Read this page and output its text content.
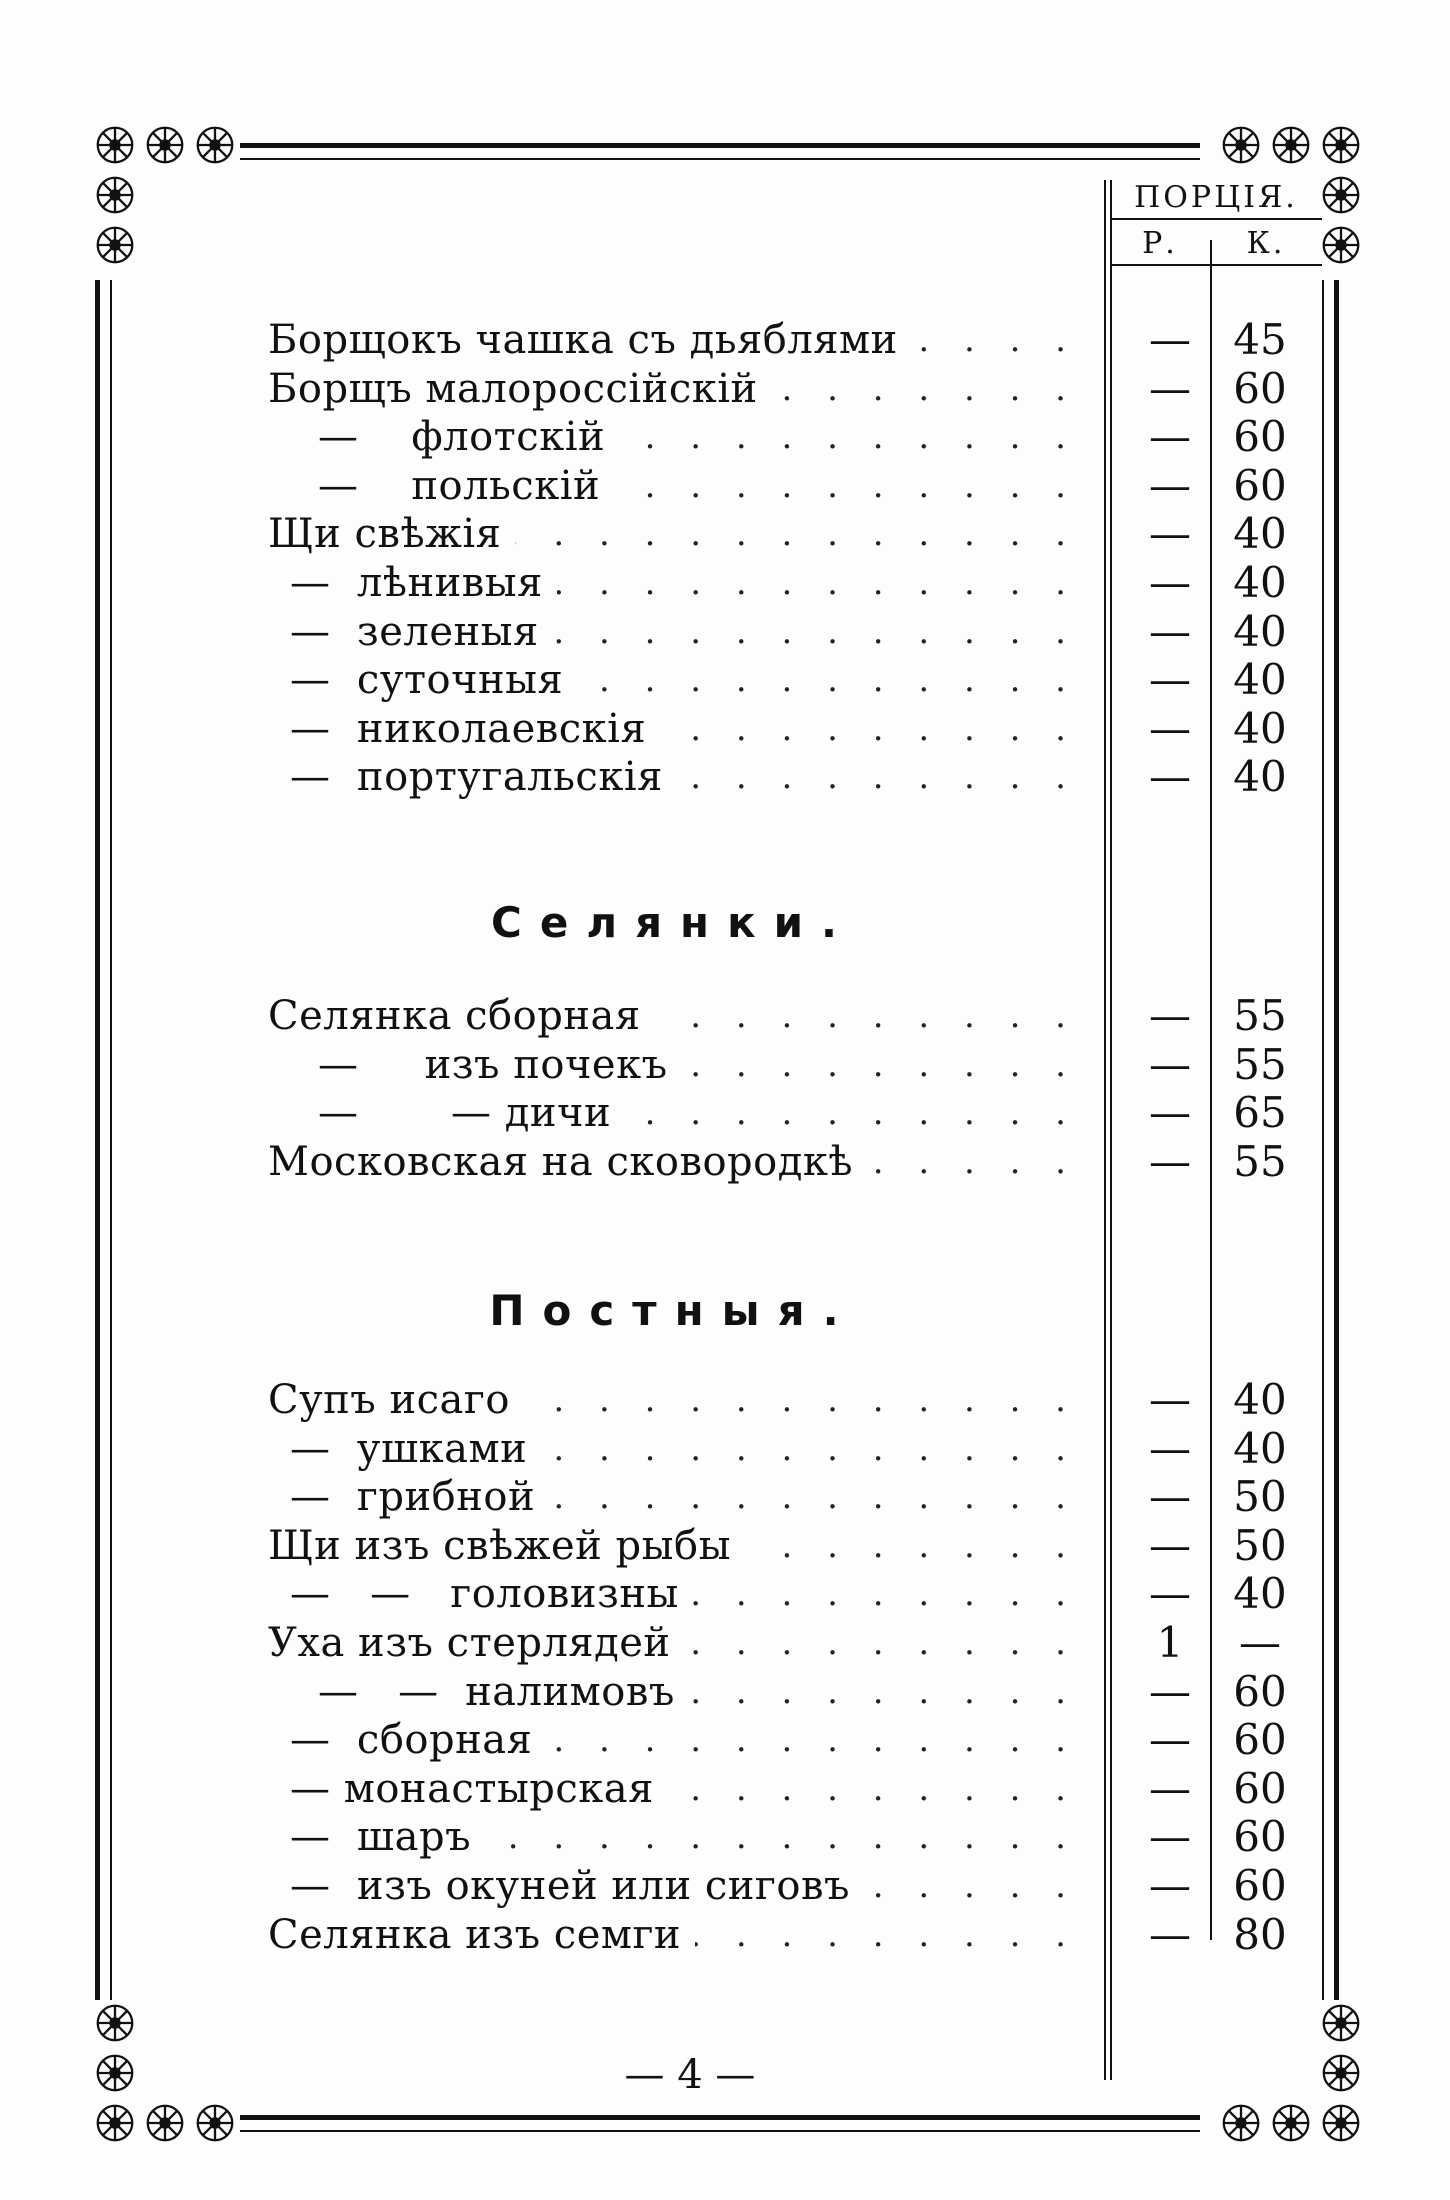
ПОРЦIЯ.
Р.	К.
. . .
Борщокъ чашка съ дьяблями	—	45
. . .
Борщъ малороссiйскiй	—	60
. . .
—    флотскiй	—	60
. . .
—    польскiй	—	60
. . .
Щи свѣжiя	—	40
. . .
—  лѣнивыя	—	40
. . .
—  зеленыя	—	40
. . .
—  суточныя	—	40
. . .
—  николаевскiя	—	40
. . .
—  португальскiя	—	40
Селянки.
. . .
Селянка сборная	—	55
. . .
—     изъ почекъ	—	55
. . .
—       — дичи	—	65
. . .
Московская на сковородкѣ	—	55
Постныя.
. . .
Супъ исаго	—	40
. . .
—  ушками	—	40
. . .
—  грибной	—	50
. . .
Щи изъ свѣжей рыбы	—	50
. . .
—   —   головизны	—	40
. . .
Уха изъ стерлядей	1	—
. . .
—   —  налимовъ	—	60
. . .
—  сборная	—	60
. . .
— монастырская	—	60
. . .
—  шаръ	—	60
. . .
—  изъ окуней или сиговъ	—	60
. . .
Селянка изъ семги	—	80
— 4 —
